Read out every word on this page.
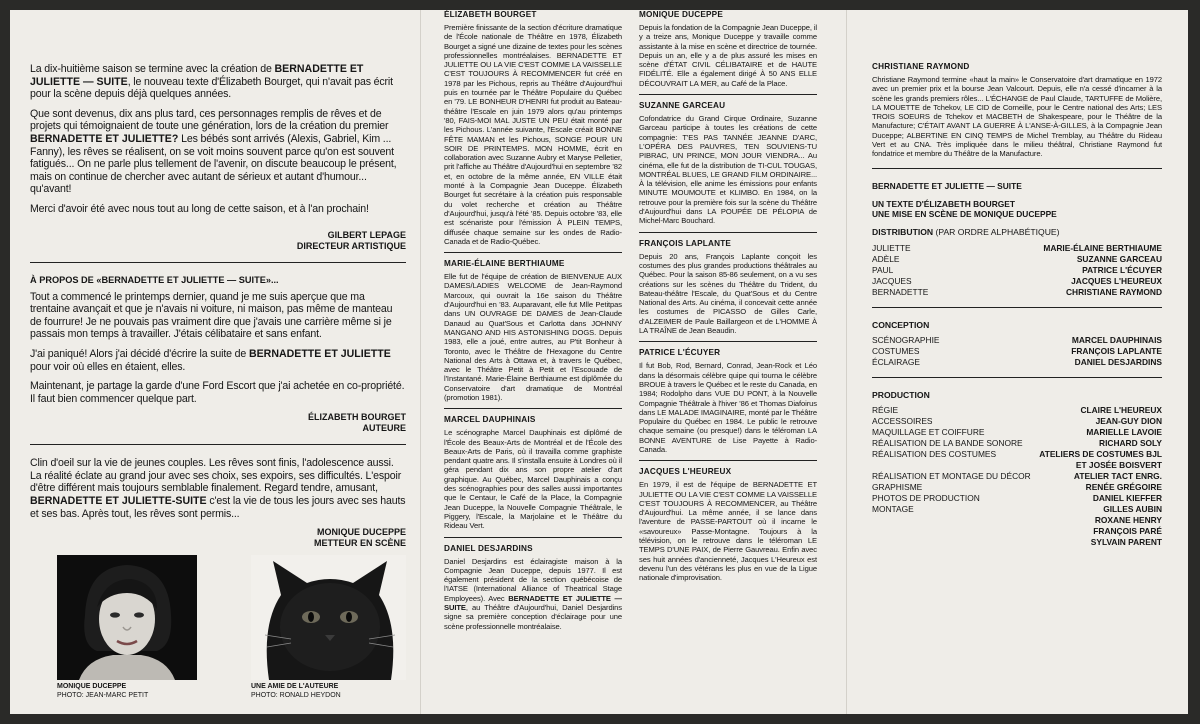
La dix-huitième saison se termine avec la création de BERNADETTE ET JULIETTE — SUITE, le nouveau texte d'Élizabeth Bourget, qui n'avait pas écrit pour la scène depuis déjà quelques années.

Que sont devenus, dix ans plus tard, ces personnages remplis de rêves et de projets qui témoignaient de toute une génération, lors de la création du premier BERNADETTE ET JULIETTE? Les bébés sont arrivés (Alexis, Gabriel, Kim ... Fanny), les rêves se réalisent, on se voit moins souvent parce qu'on est souvent fatigués... On ne parle plus tellement de l'avenir, on discute beaucoup le présent, mais on continue de chercher avec autant de sérieux et autant d'humour... qu'avant!

Merci d'avoir été avec nous tout au long de cette saison, et à l'an prochain!

GILBERT LEPAGE
DIRECTEUR ARTISTIQUE
À PROPOS DE «BERNADETTE ET JULIETTE — SUITE»...

Tout a commencé le printemps dernier, quand je me suis aperçue que ma trentaine avançait et que je n'avais ni voiture, ni maison, pas même de manteau de fourrure! Je ne pouvais pas vraiment dire que j'avais une carrière même si je passais mon temps à travailler. J'étais célibataire et sans enfant.

J'ai paniqué! Alors j'ai décidé d'écrire la suite de BERNADETTE ET JULIETTE pour voir où elles en étaient, elles.

Maintenant, je partage la garde d'une Ford Escort que j'ai achetée en co-propriété. Il faut bien commencer quelque part.

ÉLIZABETH BOURGET
AUTEURE

Clin d'oeil sur la vie de jeunes couples. Les rêves sont finis, l'adolescence aussi. La réalité éclate au grand jour avec ses choix, ses expoirs, ses difficultés. L'espoir d'être différent mais toujours semblable finalement. Regard tendre, amusant, BERNADETTE ET JULIETTE-SUITE c'est la vie de tous les jours avec ses hauts et ses bas. Après tout, les rêves sont permis...

MONIQUE DUCEPPE
METTEUR EN SCÈNE
MONIQUE DUCEPPE
PHOTO: JEAN-MARC PETIT
UNE AMIE DE L'AUTEURE
PHOTO: RONALD HEYDON
ÉLIZABETH BOURGET

Première finissante de la section d'écriture dramatique de l'École nationale de Théâtre en 1978, Élizabeth Bourget a signé une dizaine de textes pour les scènes professionnelles montréalaises. BERNADETTE ET JULIETTE OU LA VIE C'EST COMME LA VAISSELLE C'EST TOUJOURS À RECOMMENCER fut créé en 1978 par les Pichous, repris au Théâtre d'Aujourd'hui puis en tournée par le Théâtre Populaire du Québec en '79. LE BONHEUR D'HENRI fut produit au Bateau-théâtre l'Escale en juin 1979 alors qu'au printemps '80, FAIS-MOI MAL JUSTE UN PEU était monté par les Pichous. L'année suivante, l'Escale créait BONNE FÊTE MAMAN et les Pichous, SONGE POUR UN SOIR DE PRINTEMPS. MON HOMME, écrit en collaboration avec Suzanne Aubry et Maryse Pelletier, prit l'affiche au Théâtre d'Aujourd'hui en septembre '82 et, en octobre de la même année, EN VILLE était monté à la Compagnie Jean Duceppe. Élizabeth Bourget fut secrétaire à la création puis responsable du volet recherche et création au Théâtre d'Aujourd'hui, jusqu'à l'été '85. Depuis octobre '83, elle est scénariste pour l'émission À PLEIN TEMPS, diffusée chaque semaine sur les ondes de Radio-Canada et de Radio-Québec.

MARIE-ÉLAINE BERTHIAUME

Elle fut de l'équipe de création de BIENVENUE AUX DAMES/LADIES WELCOME de Jean-Raymond Marcoux, qui ouvrait la 16e saison du Théâtre d'Aujourd'hui en '83. Auparavant, elle fut Mlle Petitpas dans UN OUVRAGE DE DAMES de Jean-Claude Danaud au Quat'Sous et Carlotta dans JOHNNY MANGANO AND HIS ASTONISHING DOGS. Depuis 1983, elle a joué, entre autres, au P'tit Bonheur à Toronto, avec le Théâtre de l'Hexagone du Centre National des Arts à Ottawa et, à travers le Québec, avec le Théâtre Petit à Petit et l'Escouade de l'Instantané. Marie-Élaine Berthiaume est diplômée du Conservatoire d'art dramatique de Montréal (promotion 1981).

MARCEL DAUPHINAIS

Le scénographe Marcel Dauphinais est diplômé de l'École des Beaux-Arts de Montréal et de l'École des Beaux-Arts de Paris, où il travailla comme graphiste pendant quatre ans. Il s'installa ensuite à Londres où il géra pendant dix ans son propre atelier d'art graphique. Au Québec, Marcel Dauphinais a conçu des scénographies pour des salles aussi importantes que le Centaur, le Café de la Place, la Compagnie Jean Duceppe, la Nouvelle Compagnie Théâtrale, le Piggery, l'Escale, la Marjolaine et le Théâtre du Rideau Vert.

DANIEL DESJARDINS

Daniel Desjardins est éclairagiste maison à la Compagnie Jean Duceppe, depuis 1977. Il est également président de la section québécoise de l'IATSE (International Alliance of Theatrical Stage Employees). Avec BERNADETTE ET JULIETTE — SUITE, au Théâtre d'Aujourd'hui, Daniel Desjardins signe sa première conception d'éclairage pour une scène professionnelle montréalaise.

MONIQUE DUCEPPE

Depuis la fondation de la Compagnie Jean Duceppe, il y a treize ans, Monique Duceppe y travaille comme assistante à la mise en scène et directrice de tournée. Depuis un an, elle y a de plus assuré les mises en scène d'ÉTAT CIVIL CÉLIBATAIRE et de HAUTE FIDÉLITÉ. Elle a également dirigé À 50 ANS ELLE DÉCOUVRAIT LA MER, au Café de la Place.

SUZANNE GARCEAU

Cofondatrice du Grand Cirque Ordinaire, Suzanne Garceau participe à toutes les créations de cette compagnie: T'ES PAS TANNÉE JEANNE D'ARC, L'OPÉRA DES PAUVRES, TEN SOUVIENS-TU PIBRAC, UN PRINCE, MON JOUR VIENDRA... Au cinéma, elle fut de la distribution de TI-CUL TOUGAS, MONTRÉAL BLUES, LE GRAND FILM ORDINAIRE... À la télévision, elle anime les émissions pour enfants MINUTE MOUMOUTE et KLIMBO. En 1984, on la retrouve pour la première fois sur la scène du Théâtre d'Aujourd'hui dans LA POUPÉE DE PÉLOPIA de Michel-Marc Bouchard.

FRANÇOIS LAPLANTE

Depuis 20 ans, François Laplante conçoit les costumes des plus grandes productions théâtrales au Québec. Pour la saison 85-86 seulement, on a vu ses créations sur les scènes du Théâtre du Trident, du Bateau-théâtre l'Escale, du Quat'Sous et du Centre National des Arts. Au cinéma, il concevait cette année les costumes de PICASSO de Gilles Carle, d'ALZEIMER de Paule Baillargeon et de L'HOMME À LA TRAÎNE de Jean Beaudin.

PATRICE L'ÉCUYER

Il fut Bob, Rod, Bernard, Conrad, Jean-Rock et Léo dans la désormais célèbre quipe qui tourna le célèbre BROUE à travers le Québec et le reste du Canada, en 1984; Rodolpho dans VUE DU PONT, à la Nouvelle Compagnie Théâtrale à l'hiver '86 et Thomas Diafoirus dans LE MALADE IMAGINAIRE, monté par le Théâtre Populaire du Québec en 1984. Le public le retrouve chaque semaine (ou presque!) dans le téléroman LA BONNE AVENTURE de Lise Payette à Radio-Canada.

JACQUES L'HEUREUX

En 1979, il est de l'équipe de BERNADETTE ET JULIETTE OU LA VIE C'EST COMME LA VAISSELLE C'EST TOUJOURS À RECOMMENCER, au Théâtre d'Aujourd'hui. La même année, il se lance dans l'aventure de PASSE-PARTOUT où il incarne le «savoureux» Passe-Montagne. Toujours à la télévision, on le retrouve dans le téléroman LE TEMPS D'UNE PAIX, de Pierre Gauvreau. Enfin avec ses huit années d'ancienneté, Jacques L'Heureux est devenu l'un des vétérans les plus en vue de la Ligue nationale d'improvisation.

CHRISTIANE RAYMOND

Christiane Raymond termine «haut la main» le Conservatoire d'art dramatique en 1972 avec un premier prix et la bourse Jean Valcourt. Depuis, elle n'a cessé d'incarner à la scène les grands premiers rôles... L'ÉCHANGE de Paul Claude, TARTUFFE de Molière, LA MOUETTE de Tchekov, LE CID de Corneille, pour le Centre national des Arts; LES TROIS SOEURS de Tchekov et MACBETH de Shakespeare, pour le Théâtre de la Manufacture; C'ÉTAIT AVANT LA GUERRE À L'ANSE-À-GILLES, à la Compagnie Jean Duceppe; ALBERTINE EN CINQ TEMPS de Michel Tremblay, au Théâtre du Rideau Vert et au CNA. Très impliquée dans le milieu théâtral, Christiane Raymond fut fondatrice et membre du Théâtre de la Manufacture.

BERNADETTE ET JULIETTE — SUITE
UN TEXTE D'ÉLIZABETH BOURGET
UNE MISE EN SCÈNE DE MONIQUE DUCEPPE
DISTRIBUTION (PAR ORDRE ALPHABÉTIQUE)
JULIETTE	MARIE-ÉLAINE BERTHIAUME
ADÈLE	SUZANNE GARCEAU
PAUL	PATRICE L'ÉCUYER
JACQUES	JACQUES L'HEUREUX
BERNADETTE	CHRISTIANE RAYMOND
CONCEPTION
SCÉNOGRAPHIE	MARCEL DAUPHINAIS
COSTUMES	FRANÇOIS LAPLANTE
ÉCLAIRAGE	DANIEL DESJARDINS
PRODUCTION
RÉGIE	CLAIRE L'HEUREUX
ACCESSOIRES	JEAN-GUY DION
MAQUILLAGE ET COIFFURE	MARIELLE LAVOIE
RÉALISATION DE LA BANDE SONORE	RICHARD SOLY
RÉALISATION DES COSTUMES	ATELIERS DE COSTUMES BJL
ET JOSÉE BOISVERT
RÉALISATION ET MONTAGE DU DÉCOR	ATELIER TACT ENRG.
GRAPHISME	RENÉE GRÉGOIRE
PHOTOS DE PRODUCTION	DANIEL KIEFFER
MONTAGE	GILLES AUBIN
ROXANE HENRY
FRANÇOIS PARÉ
SYLVAIN PARENT
